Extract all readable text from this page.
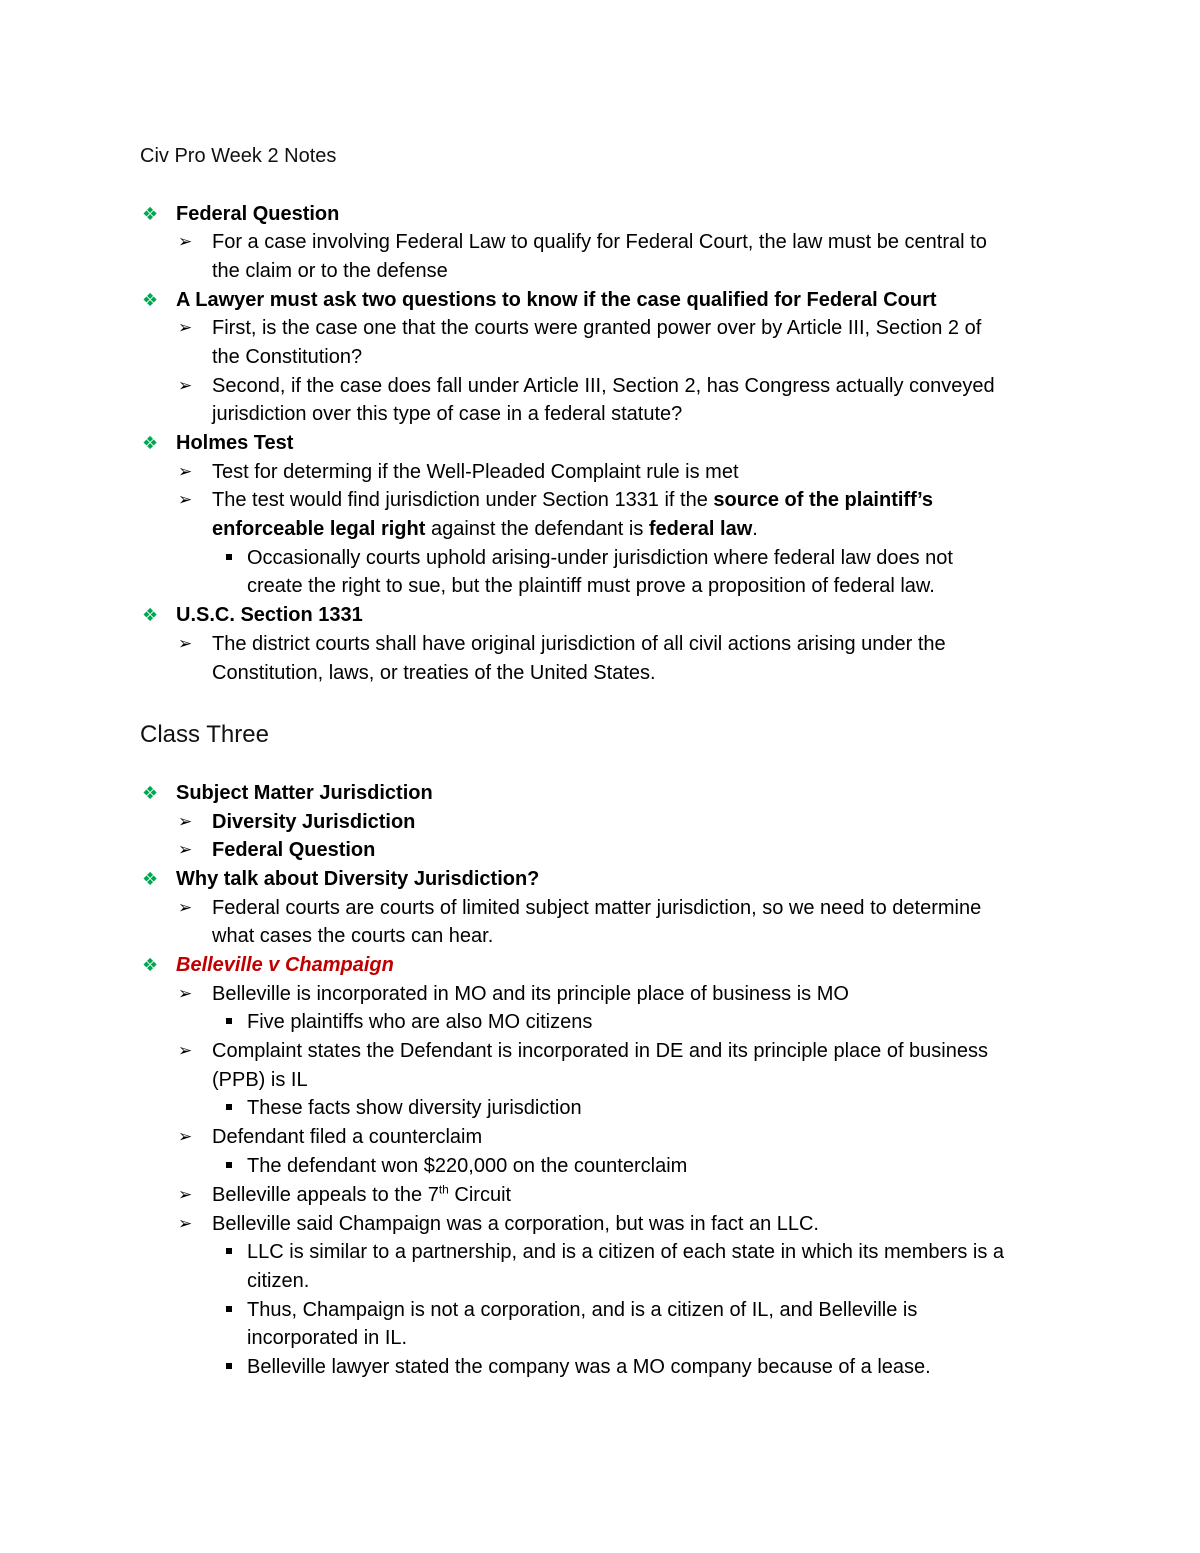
Civ Pro Week 2 Notes
❖ Federal Question

➢ For a case involving Federal Law to qualify for Federal Court, the law must be central to

the claim or to the defense

❖ A Lawyer must ask two questions to know if the case qualified for Federal Court

➢ First, is the case one that the courts were granted power over by Article III, Section 2 of

the Constitution?

➢ Second, if the case does fall under Article III, Section 2, has Congress actually conveyed

jurisdiction over this type of case in a federal statute?

❖ Holmes Test

➢ Test for determing if the Well-Pleaded Complaint rule is met

➢ The test would find jurisdiction under Section 1331 if the source of the plaintiff’s

enforceable legal right against the defendant is federal law.

Occasionally courts uphold arising-under jurisdiction where federal law does not

create the right to sue, but the plaintiff must prove a proposition of federal law.

❖ U.S.C. Section 1331

➢ The district courts shall have original jurisdiction of all civil actions arising under the

Constitution, laws, or treaties of the United States.

Class Three
❖ Subject Matter Jurisdiction

➢ Diversity Jurisdiction

➢ Federal Question

❖ Why talk about Diversity Jurisdiction?

➢ Federal courts are courts of limited subject matter jurisdiction, so we need to determine

what cases the courts can hear.

❖ Belleville v Champaign

➢ Belleville is incorporated in MO and its principle place of business is MO

Five plaintiffs who are also MO citizens

➢ Complaint states the Defendant is incorporated in DE and its principle place of business

(PPB) is IL

These facts show diversity jurisdiction

➢ Defendant filed a counterclaim

The defendant won $220,000 on the counterclaim

➢ Belleville appeals to the 7th Circuit

➢ Belleville said Champaign was a corporation, but was in fact an LLC.

LLC is similar to a partnership, and is a citizen of each state in which its members is a

citizen.

Thus, Champaign is not a corporation, and is a citizen of IL, and Belleville is

incorporated in IL.

Belleville lawyer stated the company was a MO company because of a lease.
